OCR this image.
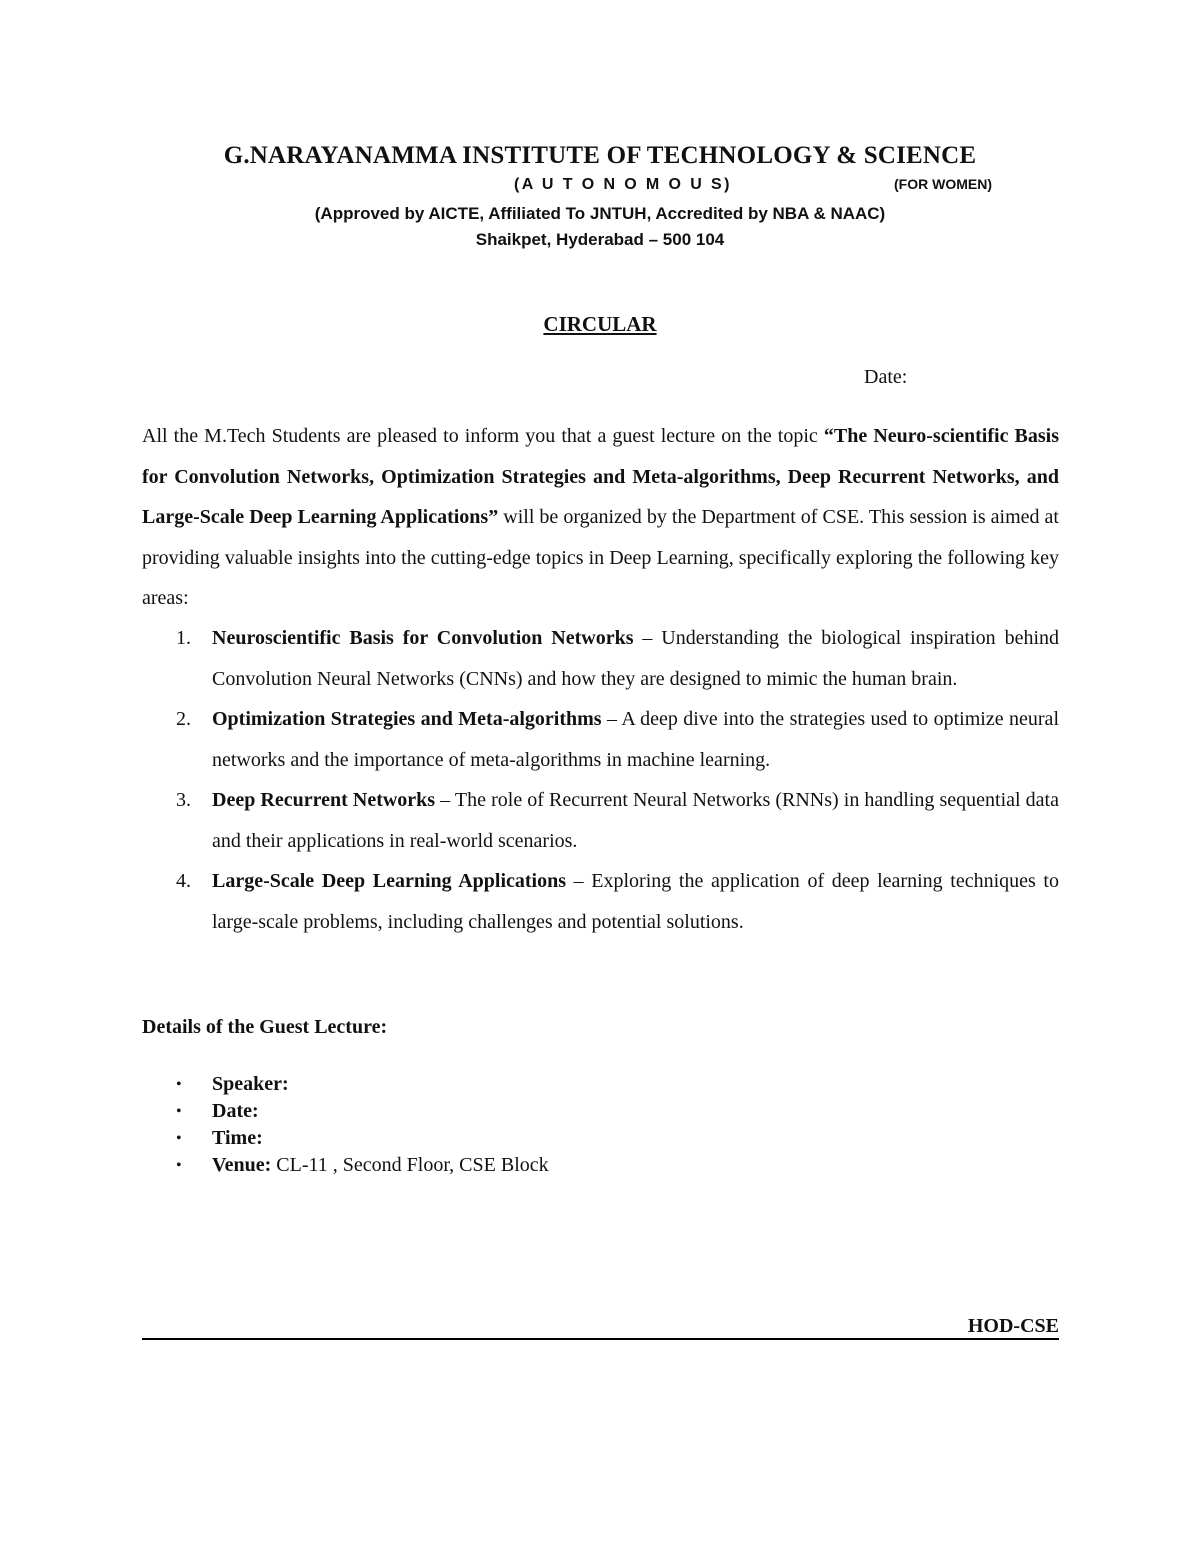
G.NARAYANAMMA INSTITUTE OF TECHNOLOGY & SCIENCE
(A U T O N O M O U S)	(FOR WOMEN)
(Approved by AICTE, Affiliated To JNTUH, Accredited by NBA & NAAC)
Shaikpet, Hyderabad – 500 104
CIRCULAR
Date:

All the M.Tech Students are pleased to inform you that a guest lecture on the topic “The Neuro-scientific Basis for Convolution Networks, Optimization Strategies and Meta-algorithms, Deep Recurrent Networks, and Large-Scale Deep Learning Applications” will be organized by the Department of CSE. This session is aimed at providing valuable insights into the cutting-edge topics in Deep Learning, specifically exploring the following key areas:

1. Neuroscientific Basis for Convolution Networks – Understanding the biological inspiration behind Convolution Neural Networks (CNNs) and how they are designed to mimic the human brain.
2. Optimization Strategies and Meta-algorithms – A deep dive into the strategies used to optimize neural networks and the importance of meta-algorithms in machine learning.
3. Deep Recurrent Networks – The role of Recurrent Neural Networks (RNNs) in handling sequential data and their applications in real-world scenarios.
4. Large-Scale Deep Learning Applications – Exploring the application of deep learning techniques to large-scale problems, including challenges and potential solutions.
Details of the Guest Lecture:
• Speaker:
• Date:
• Time:
• Venue: CL-11 , Second Floor, CSE Block
HOD-CSE
